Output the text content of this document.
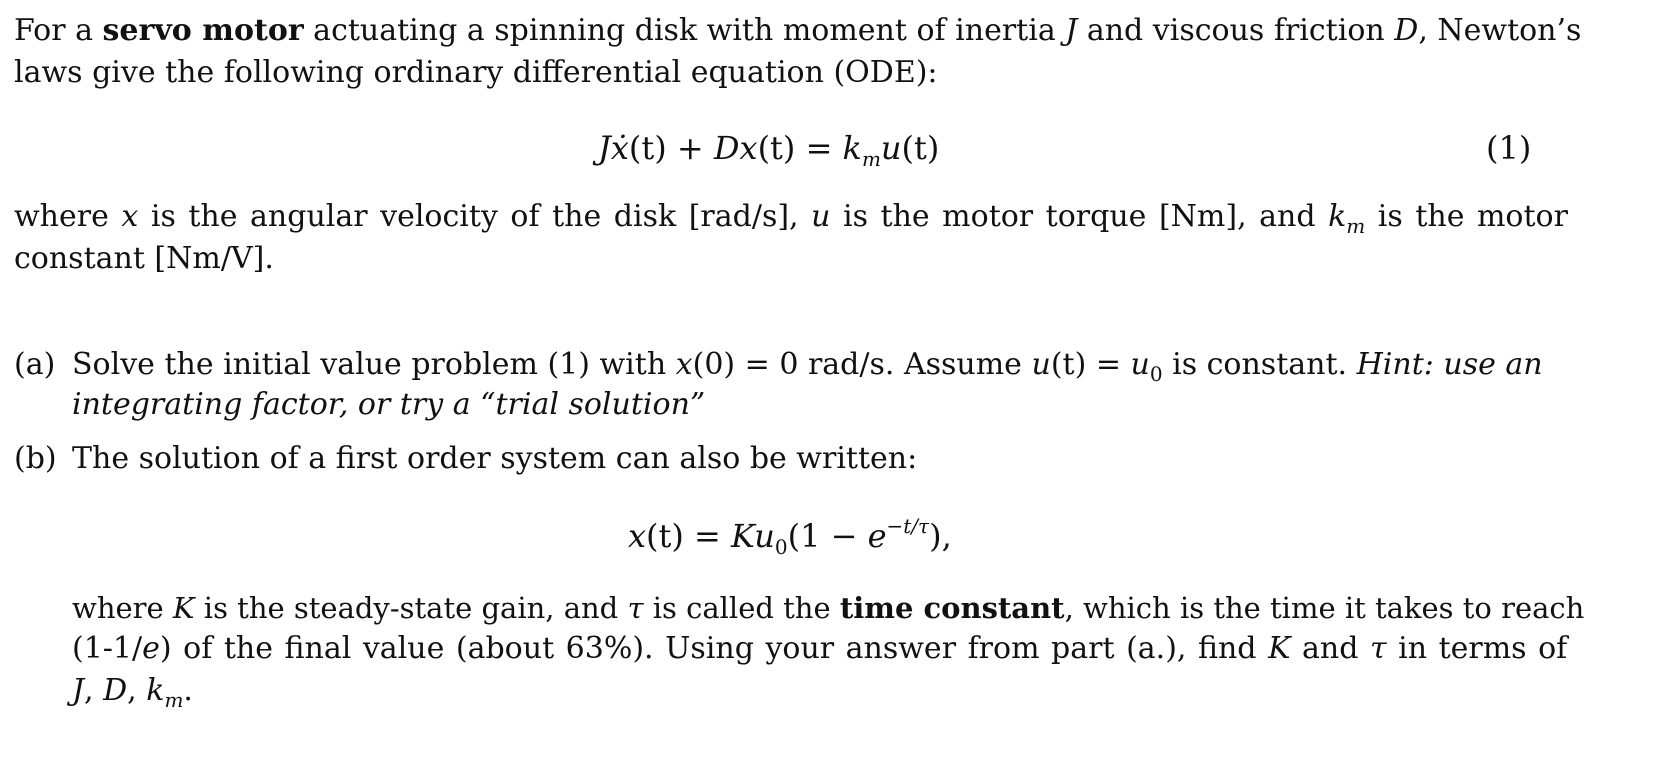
For a servo motor actuating a spinning disk with moment of inertia J and viscous friction D, Newton’s
laws give the following ordinary differential equation (ODE):
Jẋ(t) + $Dx(t) = k_mu(t)$	(1)
where x is the angular velocity of the disk [rad/s], u is the motor torque [Nm], and $k_m$ is the motor
constant [Nm/V].
(a) Solve the initial value problem (1) with x(0) = 0 rad/s. Assume $u(t) = u_0$ is constant. Hint: use an
integrating factor, or try a “trial solution”
(b) The solution of a first order system can also be written:
$x(t) = Ku_0(1 - e^{-t/\tau})$,
where K is the steady-state gain, and τ is called the time constant, which is the time it takes to reach
(1-1/e) of the final value (about 63%). Using your answer from part (a.), find K and τ in terms of
J, D, $k_m$.
